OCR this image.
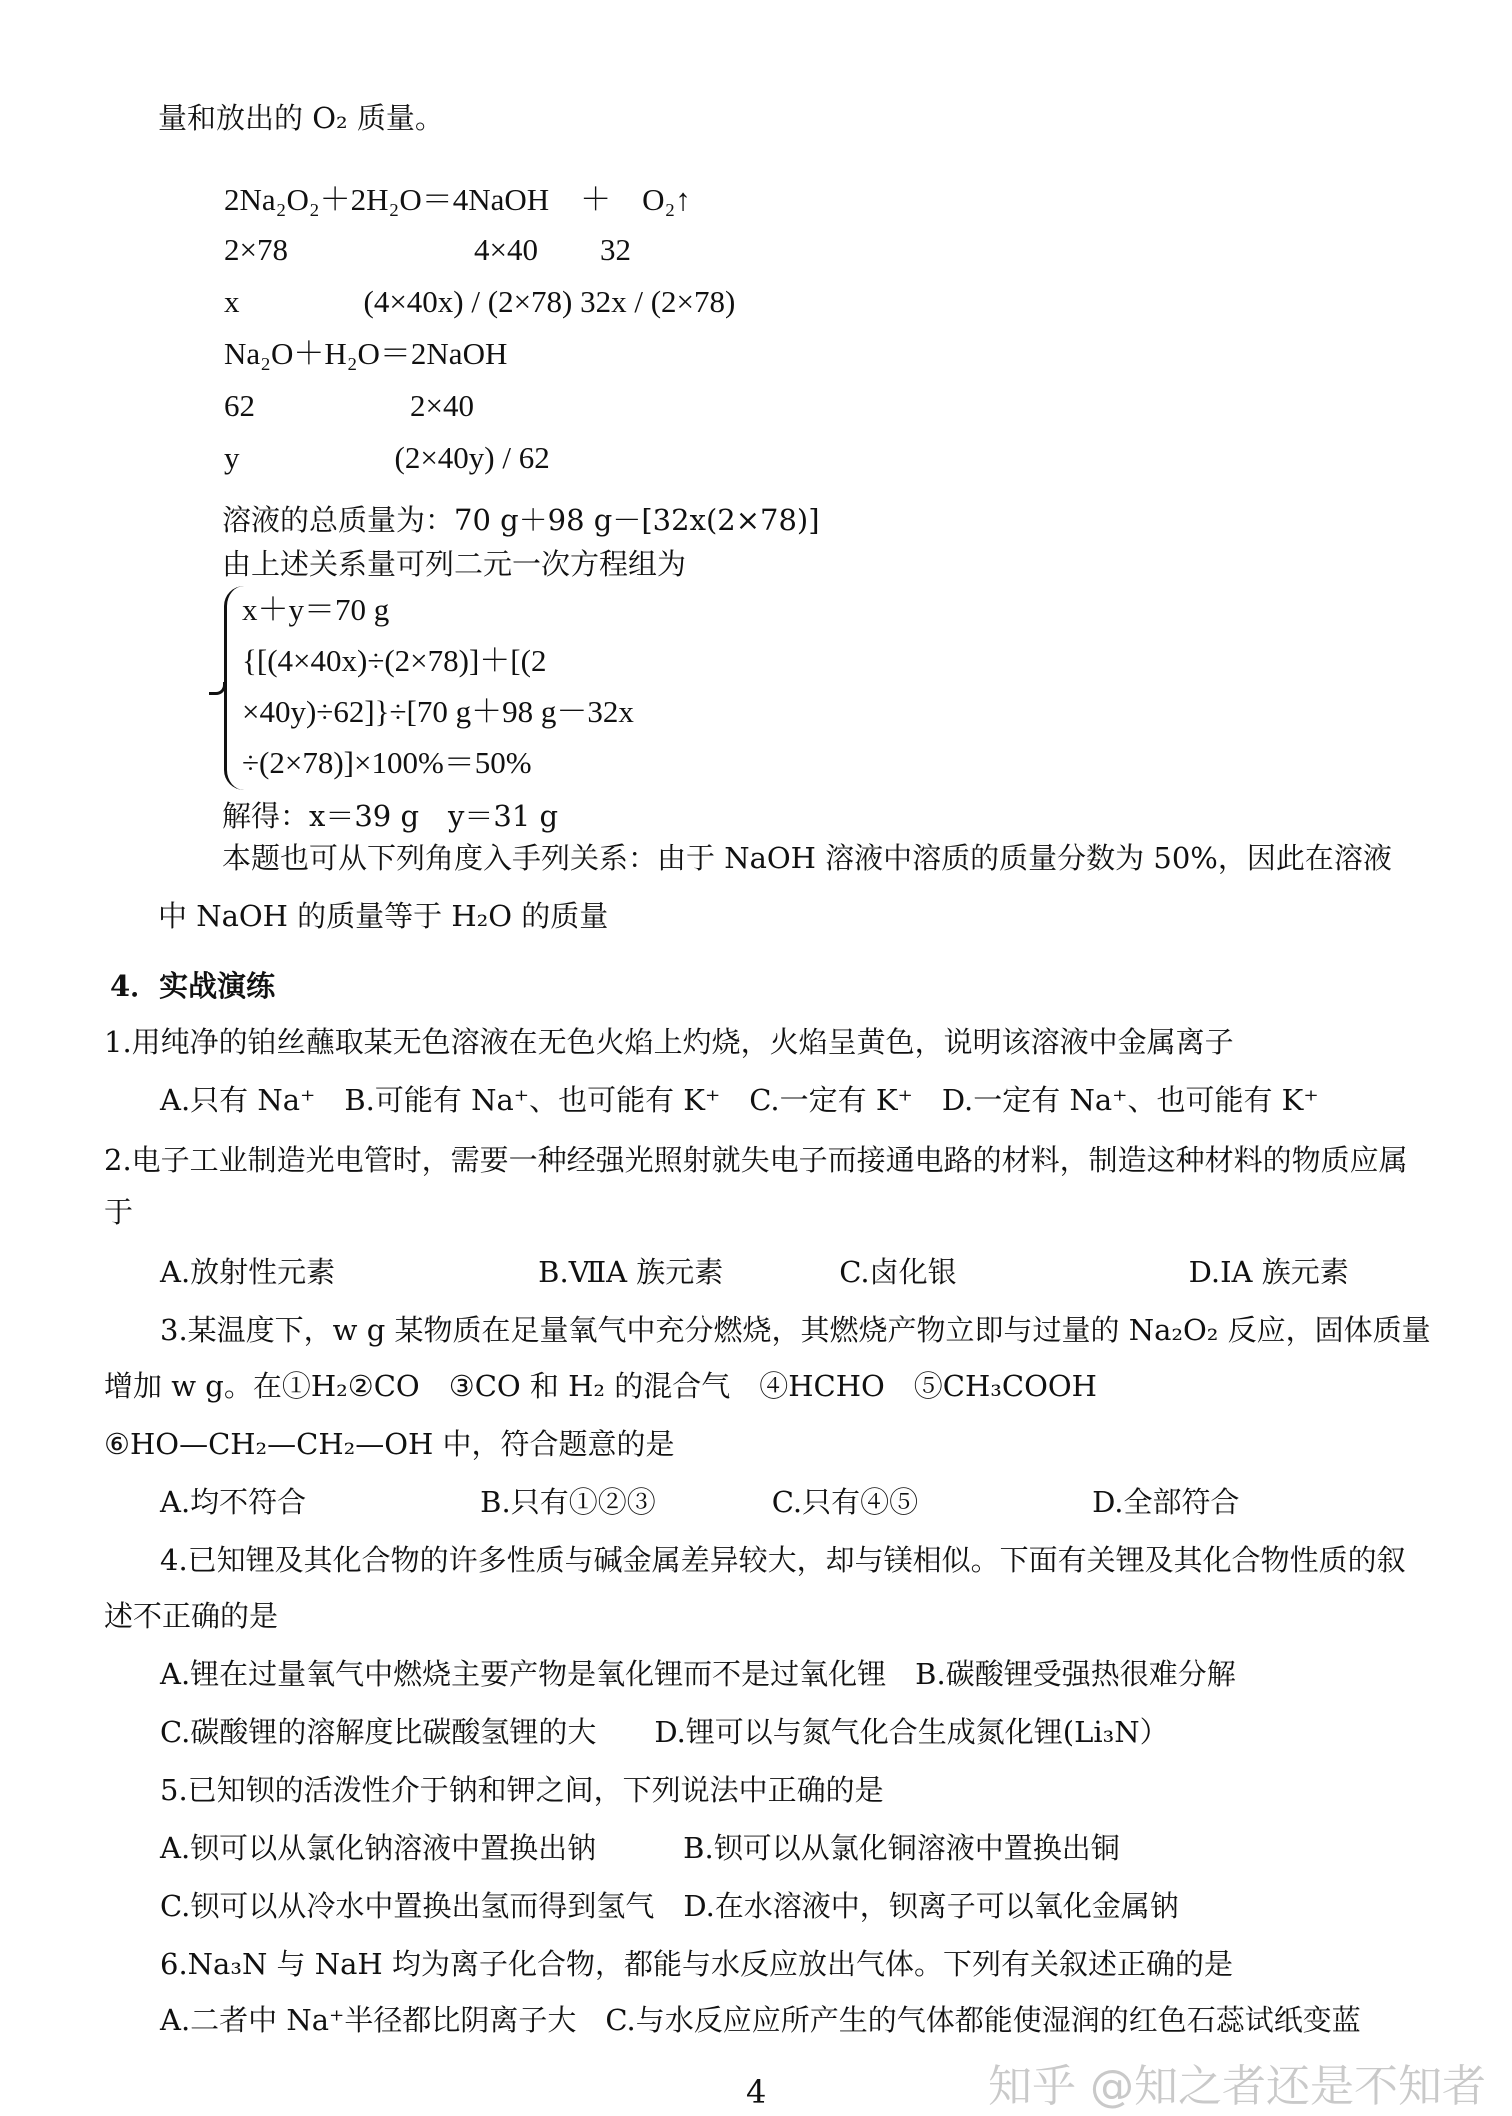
量和放出的 O₂ 质量。
2Na₂O₂＋2H₂O＝4NaOH　＋　O₂↑
2×78　　　　　　4×40　　32
x　　　　(4×40x) / (2×78) 32x / (2×78)
Na₂O＋H₂O＝2NaOH
62　　　　　2×40
y　　　　　(2×40y) / 62
溶液的总质量为：70 g＋98 g－[32x(2×78)]
由上述关系量可列二元一次方程组为
x＋y＝70 g
{[(4×40x)÷(2×78)]＋[(2
×40y)÷62]}÷[70 g＋98 g－32x
÷(2×78)]×100%＝50%
解得：x＝39 g　y＝31 g
本题也可从下列角度入手列关系：由于 NaOH 溶液中溶质的质量分数为 50%，因此在溶液
中 NaOH 的质量等于 H₂O 的质量
4．实战演练
1.用纯净的铂丝蘸取某无色溶液在无色火焰上灼烧，火焰呈黄色，说明该溶液中金属离子
A.只有 Na⁺　B.可能有 Na⁺、也可能有 K⁺　C.一定有 K⁺　D.一定有 Na⁺、也可能有 K⁺
2.电子工业制造光电管时，需要一种经强光照射就失电子而接通电路的材料，制造这种材料的物质应属
于
A.放射性元素　　　　　　　B.ⅦA 族元素　　　　C.卤化银　　　　　　　　D.ⅠA 族元素
3.某温度下，w g 某物质在足量氧气中充分燃烧，其燃烧产物立即与过量的 Na₂O₂ 反应，固体质量
增加 w g。在①H₂②CO　③CO 和 H₂ 的混合气　④HCHO　⑤CH₃COOH
⑥HO—CH₂—CH₂—OH 中，符合题意的是
A.均不符合　　　　　　B.只有①②③　　　　C.只有④⑤　　　　　　D.全部符合
4.已知锂及其化合物的许多性质与碱金属差异较大，却与镁相似。下面有关锂及其化合物性质的叙
述不正确的是
A.锂在过量氧气中燃烧主要产物是氧化锂而不是过氧化锂　B.碳酸锂受强热很难分解
C.碳酸锂的溶解度比碳酸氢锂的大　　D.锂可以与氮气化合生成氮化锂(Li₃N）
5.已知钡的活泼性介于钠和钾之间，下列说法中正确的是
A.钡可以从氯化钠溶液中置换出钠　　　B.钡可以从氯化铜溶液中置换出铜
C.钡可以从冷水中置换出氢而得到氢气　D.在水溶液中，钡离子可以氧化金属钠
6.Na₃N 与 NaH 均为离子化合物，都能与水反应放出气体。下列有关叙述正确的是
A.二者中 Na⁺半径都比阴离子大　C.与水反应应所产生的气体都能使湿润的红色石蕊试纸变蓝
4	知乎 @知之者还是不知者
